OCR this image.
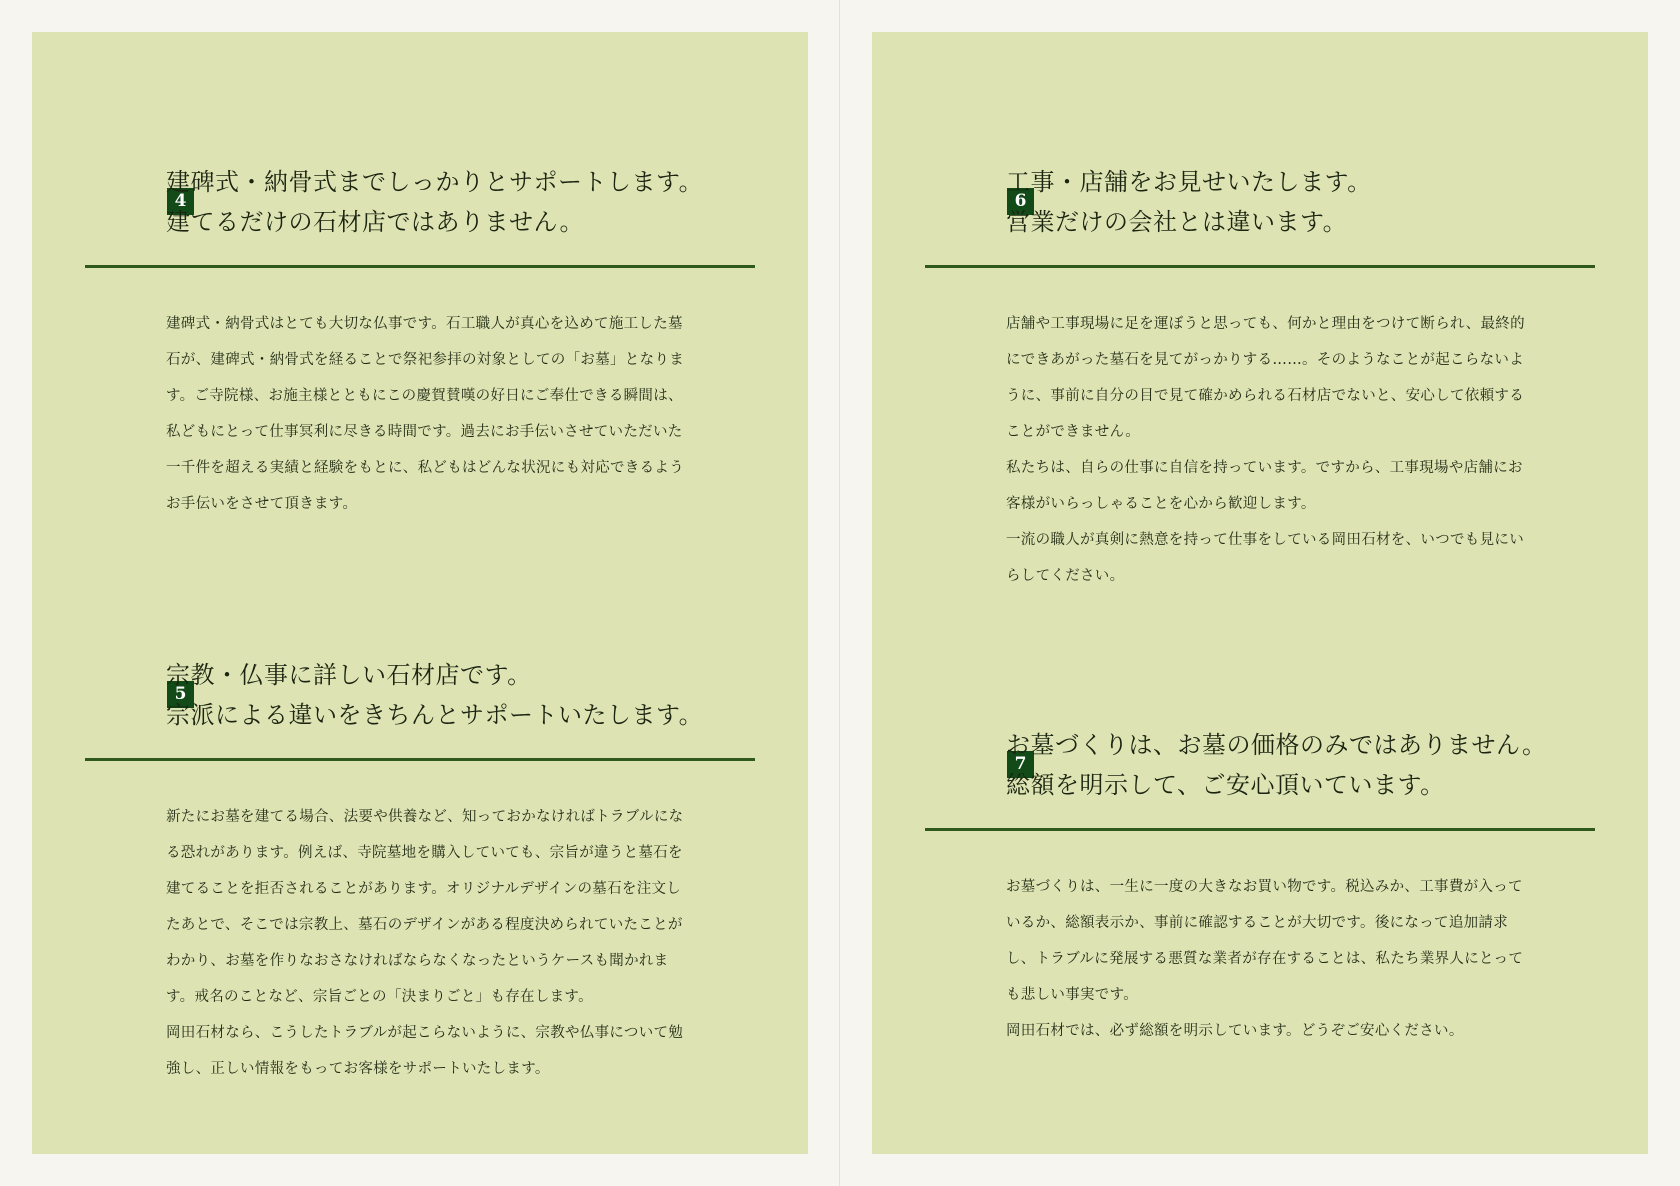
4
建碑式・納骨式までしっかりとサポートします。
建てるだけの石材店ではありません。

建碑式・納骨式はとても大切な仏事です。石工職人が真心を込めて施工した墓石が、建碑式・納骨式を経ることで祭祀参拝の対象としての「お墓」となります。ご寺院様、お施主様とともにこの慶賀賛嘆の好日にご奉仕できる瞬間は、私どもにとって仕事冥利に尽きる時間です。過去にお手伝いさせていただいた一千件を超える実績と経験をもとに、私どもはどんな状況にも対応できるようお手伝いをさせて頂きます。

5
宗教・仏事に詳しい石材店です。
宗派による違いをきちんとサポートいたします。

新たにお墓を建てる場合、法要や供養など、知っておかなければトラブルになる恐れがあります。例えば、寺院墓地を購入していても、宗旨が違うと墓石を建てることを拒否されることがあります。オリジナルデザインの墓石を注文したあとで、そこでは宗教上、墓石のデザインがある程度決められていたことがわかり、お墓を作りなおさなければならなくなったというケースも聞かれます。戒名のことなど、宗旨ごとの「決まりごと」も存在します。

岡田石材なら、こうしたトラブルが起こらないように、宗教や仏事について勉強し、正しい情報をもってお客様をサポートいたします。

6
工事・店舗をお見せいたします。
営業だけの会社とは違います。

店舗や工事現場に足を運ぼうと思っても、何かと理由をつけて断られ、最終的にできあがった墓石を見てがっかりする……。そのようなことが起こらないように、事前に自分の目で見て確かめられる石材店でないと、安心して依頼することができません。

私たちは、自らの仕事に自信を持っています。ですから、工事現場や店舗にお客様がいらっしゃることを心から歓迎します。

一流の職人が真剣に熱意を持って仕事をしている岡田石材を、いつでも見にいらしてください。

7
お墓づくりは、お墓の価格のみではありません。
総額を明示して、ご安心頂いています。

お墓づくりは、一生に一度の大きなお買い物です。税込みか、工事費が入っているか、総額表示か、事前に確認することが大切です。後になって追加請求し、トラブルに発展する悪質な業者が存在することは、私たち業界人にとっても悲しい事実です。

岡田石材では、必ず総額を明示しています。どうぞご安心ください。
